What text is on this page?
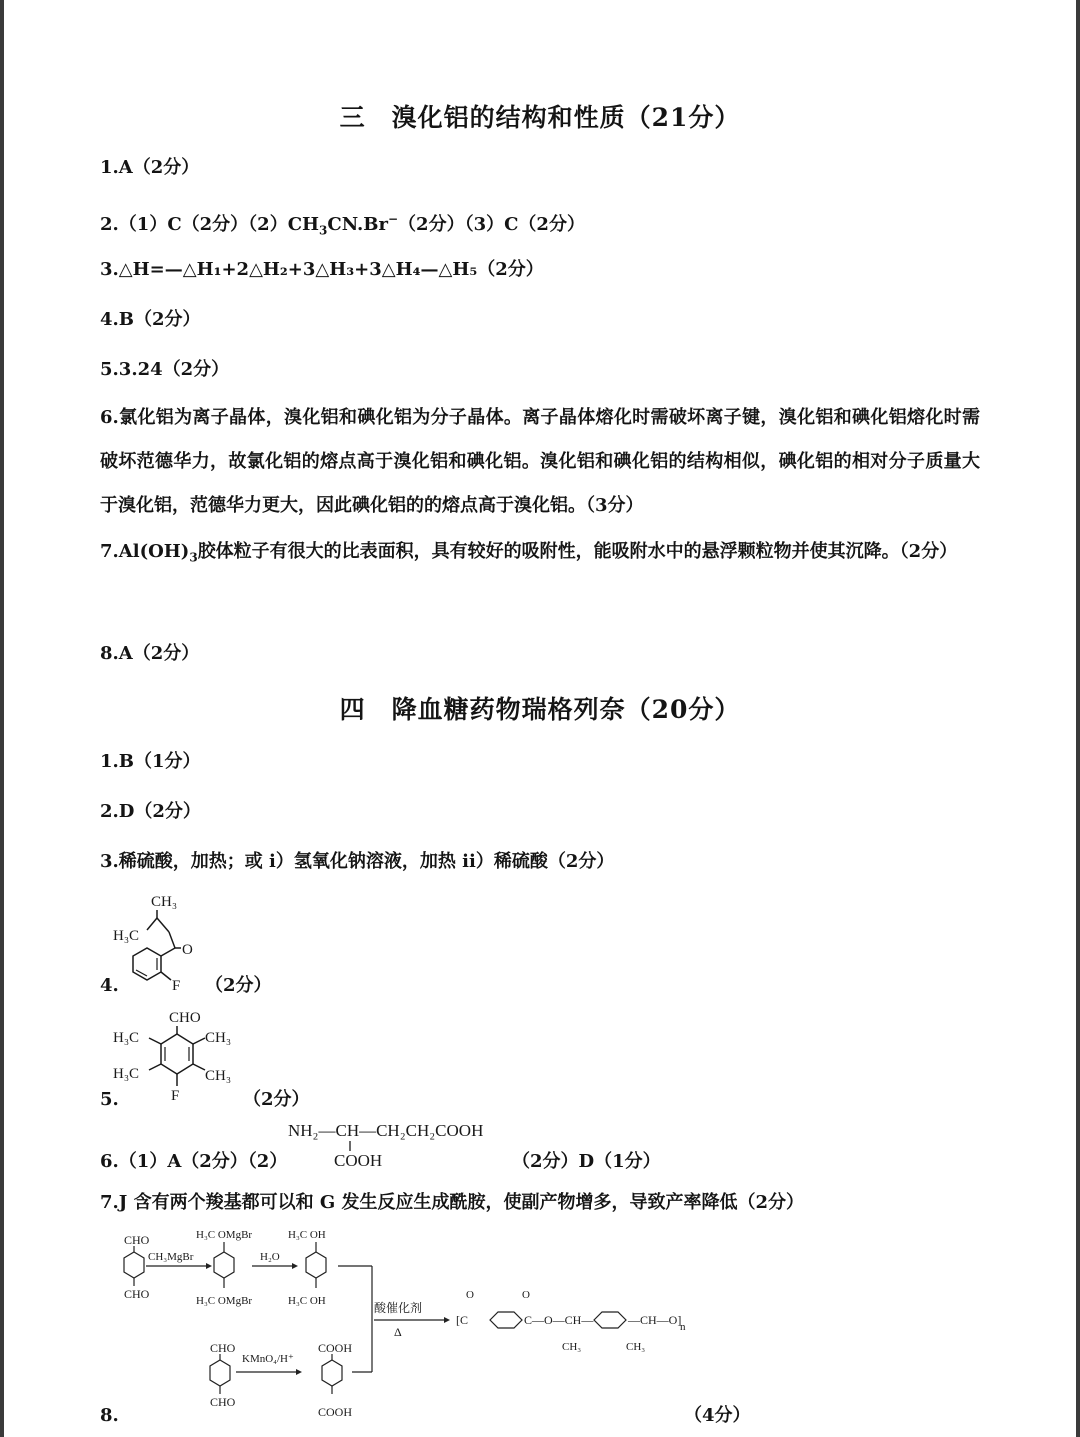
三　溴化铝的结构和性质（21分）
1.A（2分）
2.（1）C（2分）$(2)CH_3CN.Br^-(2$分）（3）C（2分）
3.△H=—△H₁+2△H₂+3△H₃+3△H₄—△H₅（2分）
4.B（2分）
5.3.24（2分）
6.氯化铝为离子晶体，溴化铝和碘化铝为分子晶体。离子晶体熔化时需破坏离子键，溴化铝和碘化铝熔化时需破坏范德华力，故氯化铝的熔点高于溴化铝和碘化铝。溴化铝和碘化铝的结构相似，碘化铝的相对分子质量大于溴化铝，范德华力更大，因此碘化铝的的熔点高于溴化铝。（3分）
$7.Al(OH)_3$胶体粒子有很大的比表面积，具有较好的吸附性，能吸附水中的悬浮颗粒物并使其沉降。（2分）
8.A（2分）
四　降血糖药物瑞格列奈（20分）
1.B（1分）
2.D（2分）
3.稀硫酸，加热；或 i）氢氧化钠溶液，加热 ii）稀硫酸（2分）
CH₃
H₃C
O
F
4.	（2分）
CHO
H₃C	CH₃
H₃C	CH₃
F
5.	（2分）
NH₂—CH—CH₂CH₂COOH
COOH
6.（1）A（2分）（2）	（2分）D（1分）
7.J 含有两个羧基都可以和 G 发生反应生成酰胺，使副产物增多，导致产率降低（2分）
CHO
CHO
CH₃MgBr
H₃C OMgBr
H₃C OMgBr
H₂O
H₃C OH
H₃C OH
CHO
CHO
KMnO₄/H⁺
COOH
COOH
酸催化剂
Δ
O	O
[C	C—O—CH—	—CH—O]
n
CH₃	CH₃
8.	（4分）
